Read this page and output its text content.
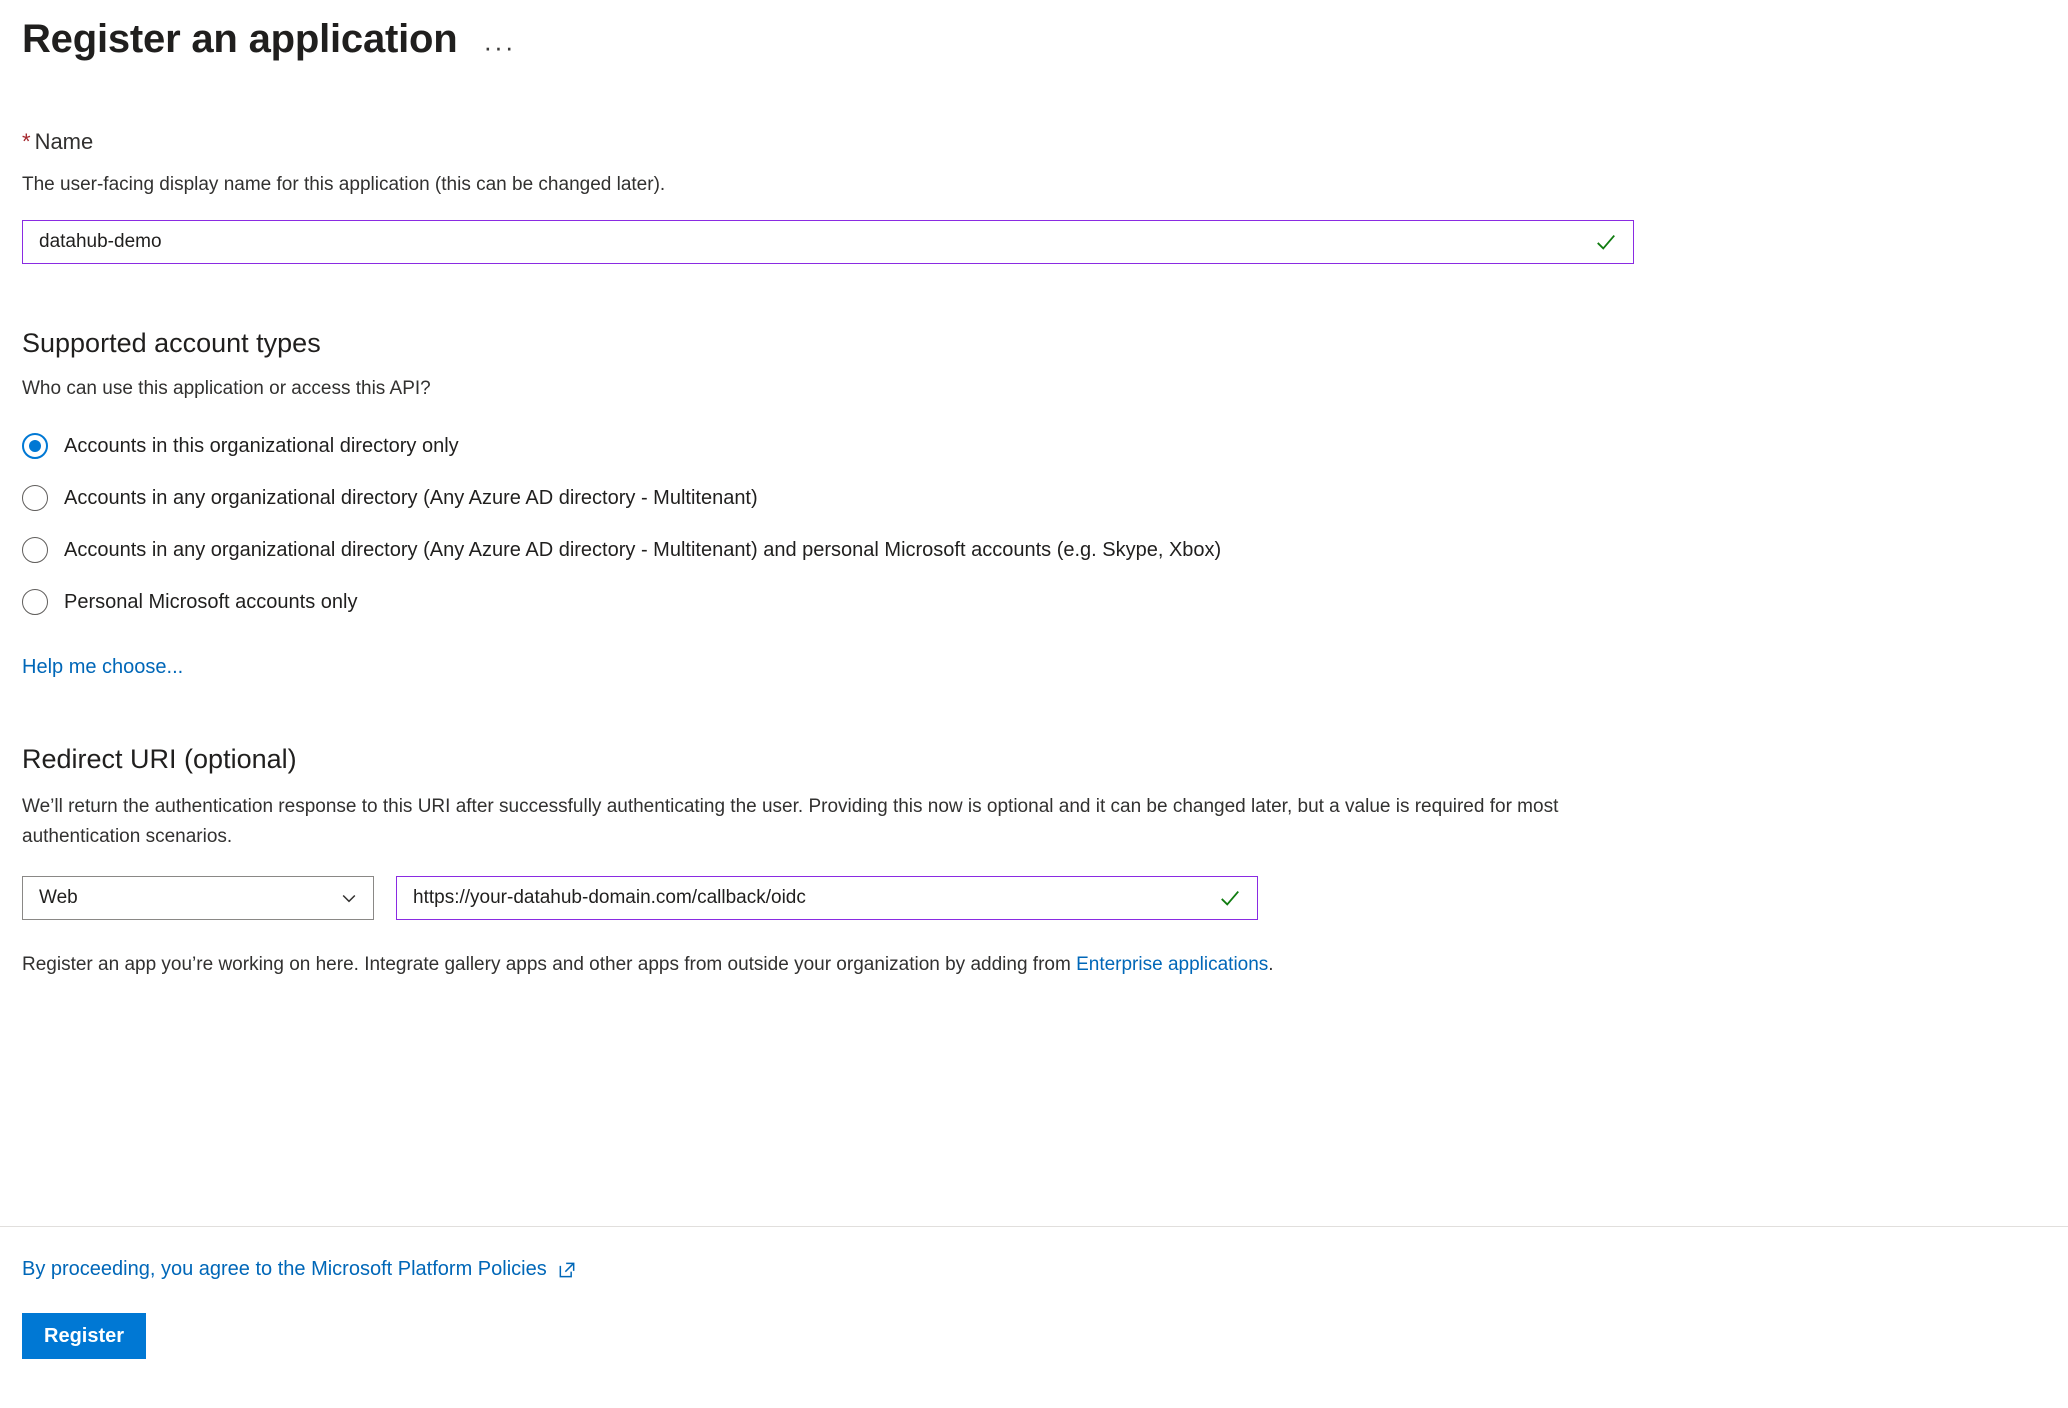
Register an application ···
* Name
The user-facing display name for this application (this can be changed later).
datahub-demo
Supported account types
Who can use this application or access this API?
Accounts in this organizational directory only
Accounts in any organizational directory (Any Azure AD directory - Multitenant)
Accounts in any organizational directory (Any Azure AD directory - Multitenant) and personal Microsoft accounts (e.g. Skype, Xbox)
Personal Microsoft accounts only
Help me choose...
Redirect URI (optional)
We’ll return the authentication response to this URI after successfully authenticating the user. Providing this now is optional and it can be changed later, but a value is required for most authentication scenarios.
Web
https://your-datahub-domain.com/callback/oidc
Register an app you’re working on here. Integrate gallery apps and other apps from outside your organization by adding from Enterprise applications.
By proceeding, you agree to the Microsoft Platform Policies
Register
